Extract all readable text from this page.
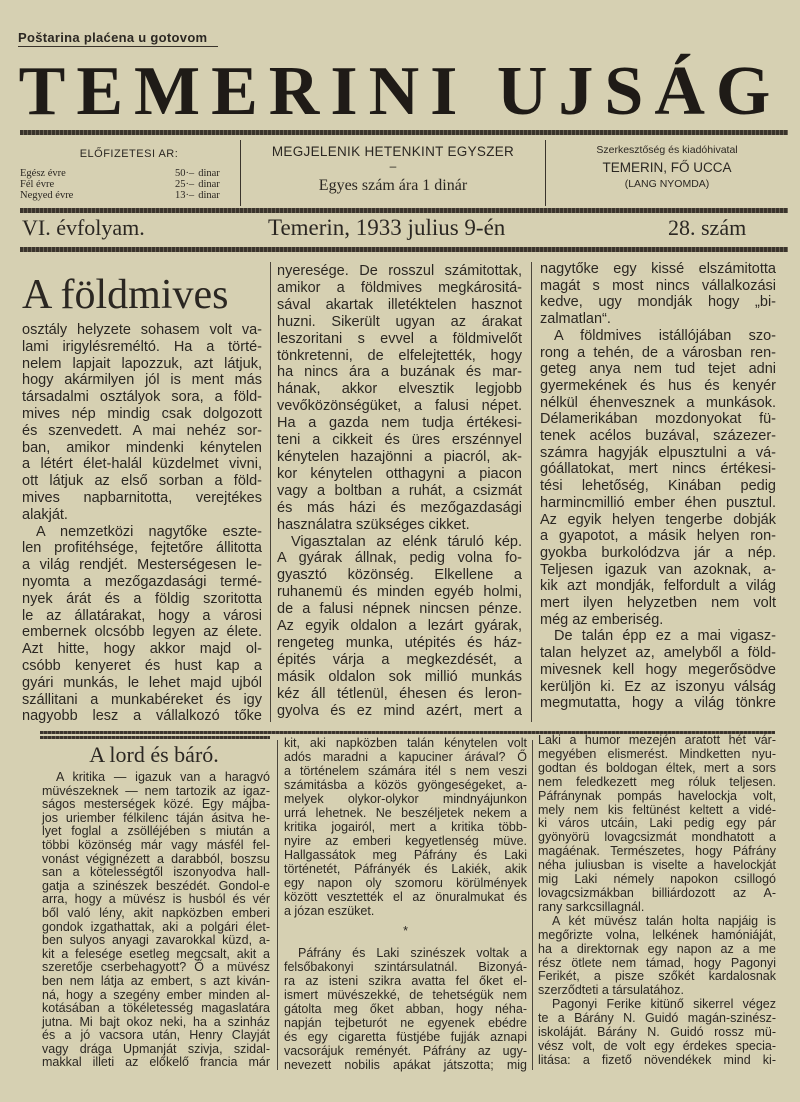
Poštarina plaćena u gotovom
TEMERINI UJSÁG
ELŐFIZETESI AR:
Egész évre	50·– dinar
Fél évre	25·– dinar
Negyed évre	13·– dinar
MEGJELENIK HETENKINT EGYSZER
–
Egyes szám ára 1 dinár
Szerkesztőség és kiadóhivatal
TEMERIN, FŐ UCCA
(LANG NYOMDA)
VI. évfolyam.	Temerin, 1933 julius 9-én	28. szám
A földmives
osztály helyzete sohasem volt va-
lami irigylésreméltó. Ha a törté-
nelem lapjait lapozzuk, azt látjuk,
hogy akármilyen jól is ment más
társadalmi osztályok sora, a föld-
mives nép mindig csak dolgozott
és szenvedett. A mai nehéz sor-
ban, amikor mindenki kénytelen
a létért élet-halál küzdelmet vivni,
ott látjuk az első sorban a föld-
mives napbarnitotta, verejtékes
alakját.
A nemzetközi nagytőke eszte-
len profitéhsége, fejtetőre állitotta
a világ rendjét. Mesterségesen le-
nyomta a mezőgazdasági termé-
nyek árát és a földig szoritotta
le az állatárakat, hogy a városi
embernek olcsóbb legyen az élete.
Azt hitte, hogy akkor majd ol-
csóbb kenyeret és hust kap a
gyári munkás, le lehet majd ujból
szállitani a munkabéreket és igy
nagyobb lesz a vállalkozó tőke
nyeresége. De rosszul számitottak,
amikor a földmives megkárositá-
sával akartak illetéktelen hasznot
huzni. Sikerült ugyan az árakat
leszoritani s evvel a földmivelőt
tönkretenni, de elfelejtették, hogy
ha nincs ára a buzának és mar-
hának, akkor elvesztik legjobb
vevőközönségüket, a falusi népet.
Ha a gazda nem tudja értékesi-
teni a cikkeit és üres erszénnyel
kénytelen hazajönni a piacról, ak-
kor kénytelen otthagyni a piacon
vagy a boltban a ruhát, a csizmát
és más házi és mezőgazdasági
használatra szükséges cikket.
Vigasztalan az elénk táruló kép.
A gyárak állnak, pedig volna fo-
gyasztó közönség. Elkellene a
ruhanemü és minden egyéb holmi,
de a falusi népnek nincsen pénze.
Az egyik oldalon a lezárt gyárak,
rengeteg munka, utépités és ház-
épités várja a megkezdését, a
másik oldalon sok millió munkás
kéz áll tétlenül, éhesen és leron-
gyolva és ez mind azért, mert a
nagytőke egy kissé elszámitotta
magát s most nincs vállalkozási
kedve, ugy mondják hogy „bi-
zalmatlan“.
A földmives istállójában szo-
rong a tehén, de a városban ren-
geteg anya nem tud tejet adni
gyermekének és hus és kenyér
nélkül éhenvesznek a munkások.
Délamerikában mozdonyokat fü-
tenek acélos buzával, százezer-
számra hagyják elpusztulni a vá-
góállatokat, mert nincs értékesi-
tési lehetőség, Kinában pedig
harmincmillió ember éhen pusztul.
Az egyik helyen tengerbe dobják
a gyapotot, a másik helyen ron-
gyokba burkolódzva jár a nép.
Teljesen igazuk van azoknak, a-
kik azt mondják, felfordult a világ
mert ilyen helyzetben nem volt
még az emberiség.
De talán épp ez a mai vigasz-
talan helyzet az, amelyből a föld-
mivesnek kell hogy megerősödve
kerüljön ki. Ez az iszonyu válság
megmutatta, hogy a világ tönkre
A lord és báró.
A kritika — igazuk van a haragvó
müvészeknek — nem tartozik az igaz-
ságos mesterségek közé. Egy májba-
jos uriember félkilenc táján ásitva he-
lyet foglal a zsölléjében s miután a
többi közönség már vagy másfél fel-
vonást végignézett a darabból, boszsu
san a kötelességtől iszonyodva hall-
gatja a szinészek beszédét. Gondol-e
arra, hogy a müvész is husból és vér
ből való lény, akit napközben emberi
gondok izgathattak, aki a polgári élet-
ben sulyos anyagi zavarokkal küzd, a-
kit a felesége esetleg megcsalt, akit a
szeretője cserbehagyott? Ő a müvész
ben nem látja az embert, s azt kiván-
ná, hogy a szegény ember minden al-
kotásában a tökéletesség magaslatára
jutna. Mi bajt okoz neki, ha a szinház
és a jó vacsora után, Henry Clayját
vagy drága Upmanját szivja, szidal-
makkal illeti az előkelő francia már
kit, aki napközben talán kénytelen volt
adós maradni a kapuciner árával? Ő
a történelem számára itél s nem veszi
számitásba a közös gyöngeségeket, a-
melyek olykor-olykor mindnyájunkon
urrá lehetnek. Ne beszéljetek nekem a
kritika jogairól, mert a kritika több-
nyire az emberi kegyetlenség müve.
Hallgassátok meg Páfrány és Laki
történetét, Páfrányék és Lakiék, akik
egy napon oly szomoru körülmények
között vesztették el az önuralmukat és
a józan eszüket.
*
Páfrány és Laki szinészek voltak a
felsőbakonyi szintársulatnál. Bizonyá-
ra az isteni szikra avatta fel őket el-
ismert müvészekké, de tehetségük nem
gátolta meg őket abban, hogy néha-
napján tejbeturót ne egyenek ebédre
és egy cigaretta füstjébe fujják aznapi
vacsorájuk reményét. Páfrány az ugy-
nevezett nobilis apákat játszotta; mig
Laki a humor mezején aratott hét vár-
megyében elismerést. Mindketten nyu-
godtan és boldogan éltek, mert a sors
nem feledkezett meg róluk teljesen.
Páfránynak pompás havelockja volt,
mely nem kis feltünést keltett a vidé-
ki város utcáin, Laki pedig egy pár
gyönyörü lovagcsizmát mondhatott a
magáénak. Természetes, hogy Páfrány
néha juliusban is viselte a havelockját
mig Laki némely napokon csillogó
lovagcsizmákban billiárdozott az A-
rany sarkcsillagnál.
A két müvész talán holta napjáig is
megőrizte volna, lelkének hamóniáját,
ha a direktornak egy napon az a me
rész ötlete nem támad, hogy Pagonyi
Ferikét, a pisze szőkét kardalosnak
szerződteti a társulatához.
Pagonyi Ferike kitünő sikerrel végez
te a Bárány N. Guidó magán-szinész-
iskoláját. Bárány N. Guidó rossz mü-
vész volt, de volt egy érdekes specia-
litása: a fizető növendékek mind ki-
